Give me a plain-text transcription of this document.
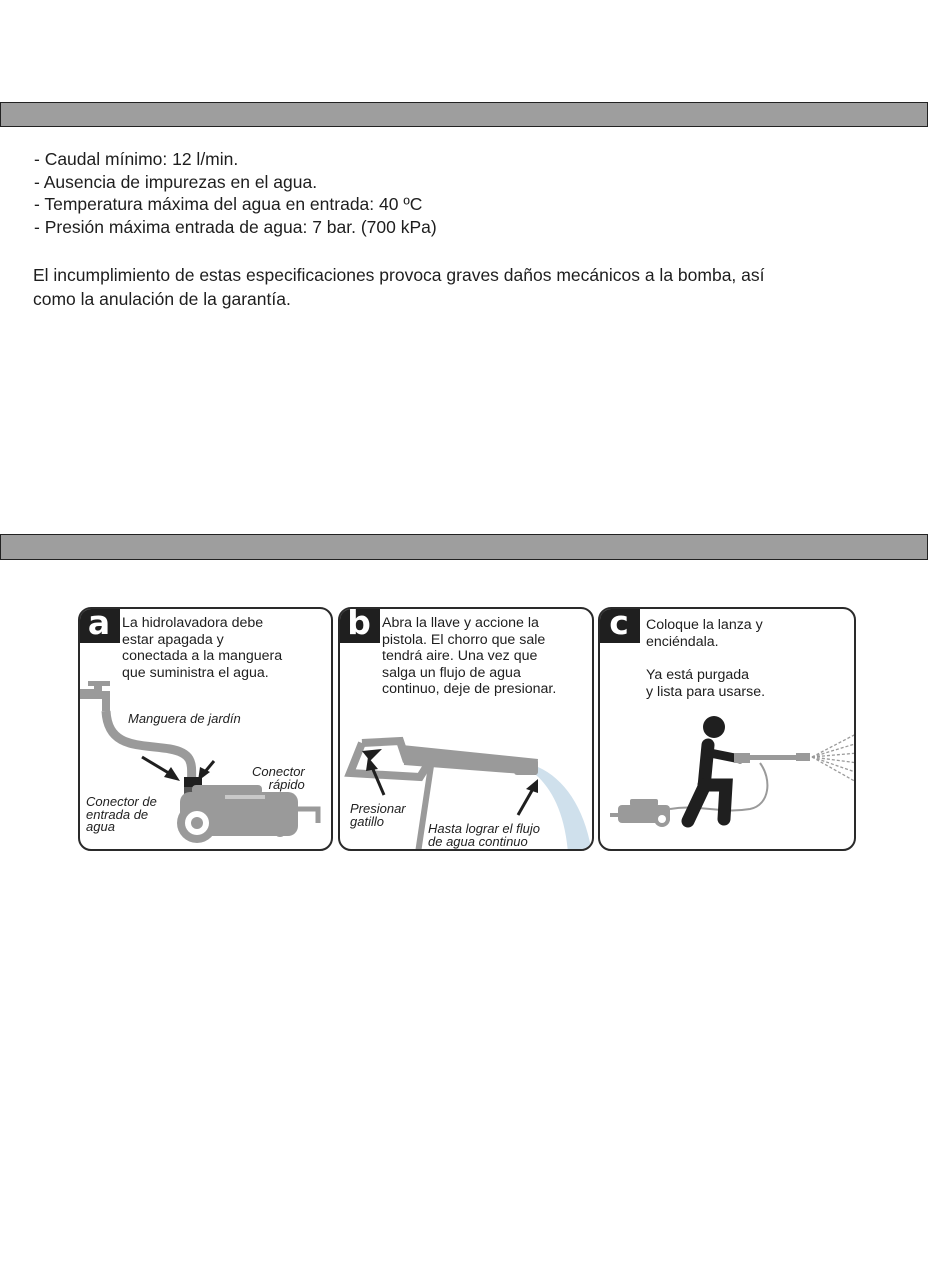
- Caudal mínimo: 12 l/min.
- Ausencia de impurezas en el agua.
- Temperatura máxima del agua en entrada: 40 ºC
- Presión máxima entrada de agua: 7 bar. (700 kPa)

El incumplimiento de estas especificaciones provoca graves daños mecánicos a la bomba, así como la anulación de la garantía.

a La hidrolavadora debe
estar apagada y
conectada a la manguera
que suministra el agua.

Manguera de jardín
Conector
rápido
Conector de
entrada de
agua
b Abra la llave y accione la
pistola. El chorro que sale
tendrá aire. Una vez que
salga un flujo de agua
continuo, deje de presionar.

Presionar
gatillo	Hasta lograr el flujo
de agua continuo
c	Coloque la lanza y
enciéndala.

Ya está purgada
y lista para usarse.
